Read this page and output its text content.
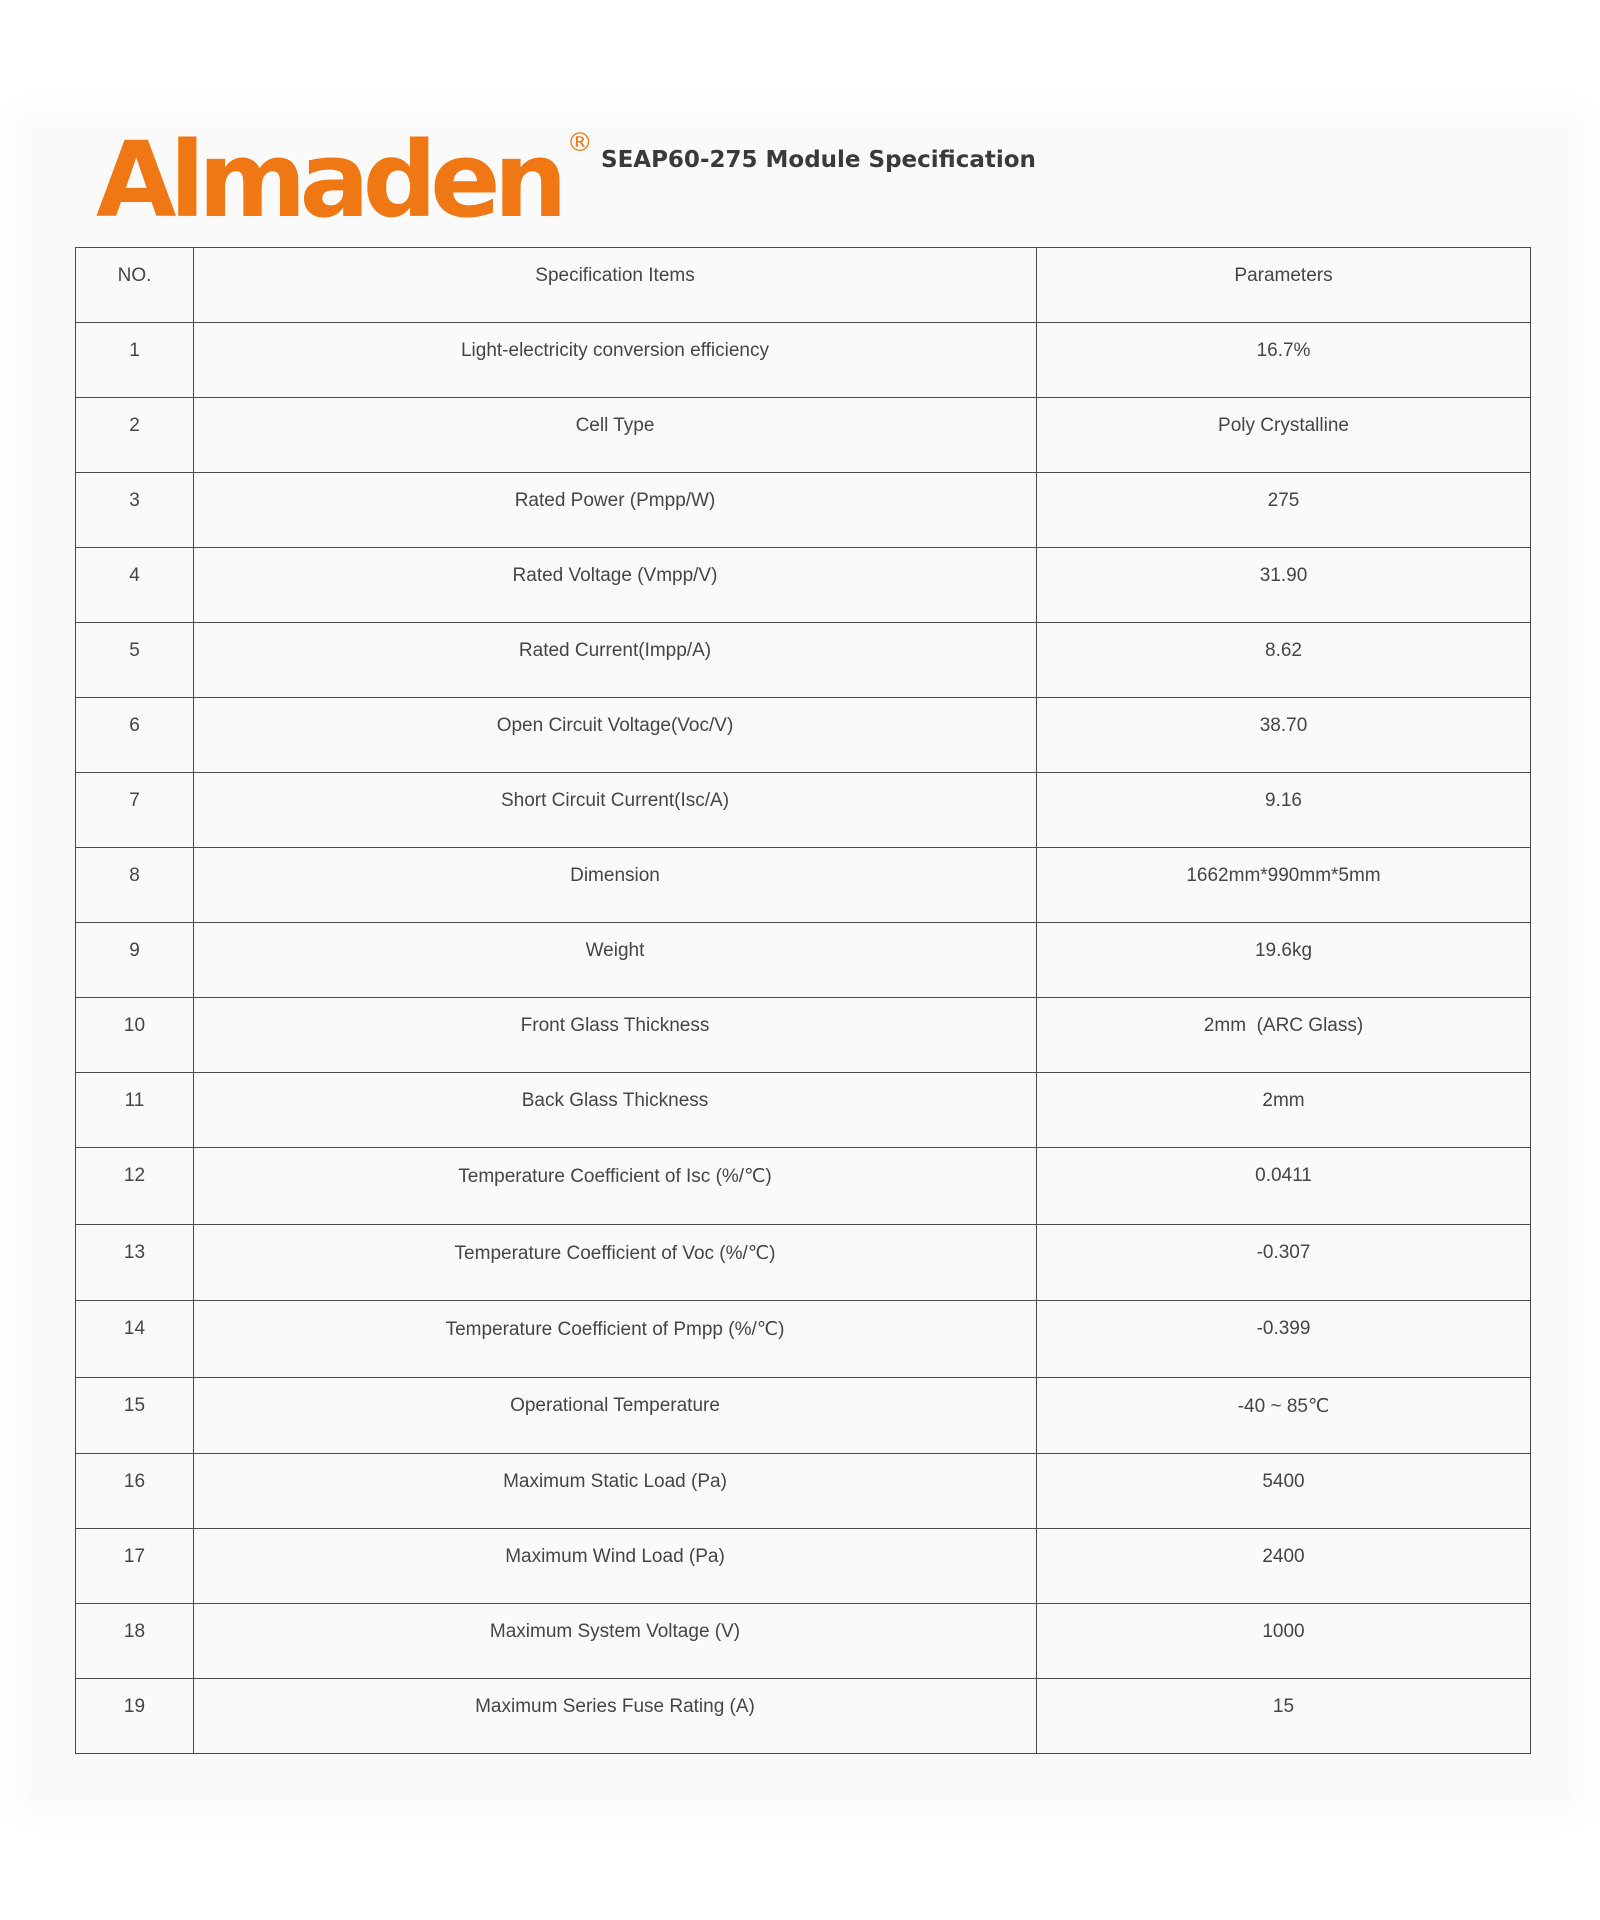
Almaden ®
SEAP60-275 Module Specification
NO.	Specification Items	Parameters
1	Light-electricity conversion efficiency	16.7%
2	Cell Type	Poly Crystalline
3	Rated Power (Pmpp/W)	275
4	Rated Voltage (Vmpp/V)	31.90
5	Rated Current(Impp/A)	8.62
6	Open Circuit Voltage(Voc/V)	38.70
7	Short Circuit Current(Isc/A)	9.16
8	Dimension	1662mm*990mm*5mm
9	Weight	19.6kg
10	Front Glass Thickness	2mm  (ARC Glass)
11	Back Glass Thickness	2mm
12	Temperature Coefficient of Isc (%/℃)	0.0411
13	Temperature Coefficient of Voc (%/℃)	-0.307
14	Temperature Coefficient of Pmpp (%/℃)	-0.399
15	Operational Temperature	-40 ~ 85℃
16	Maximum Static Load (Pa)	5400
17	Maximum Wind Load (Pa)	2400
18	Maximum System Voltage (V)	1000
19	Maximum Series Fuse Rating (A)	15
